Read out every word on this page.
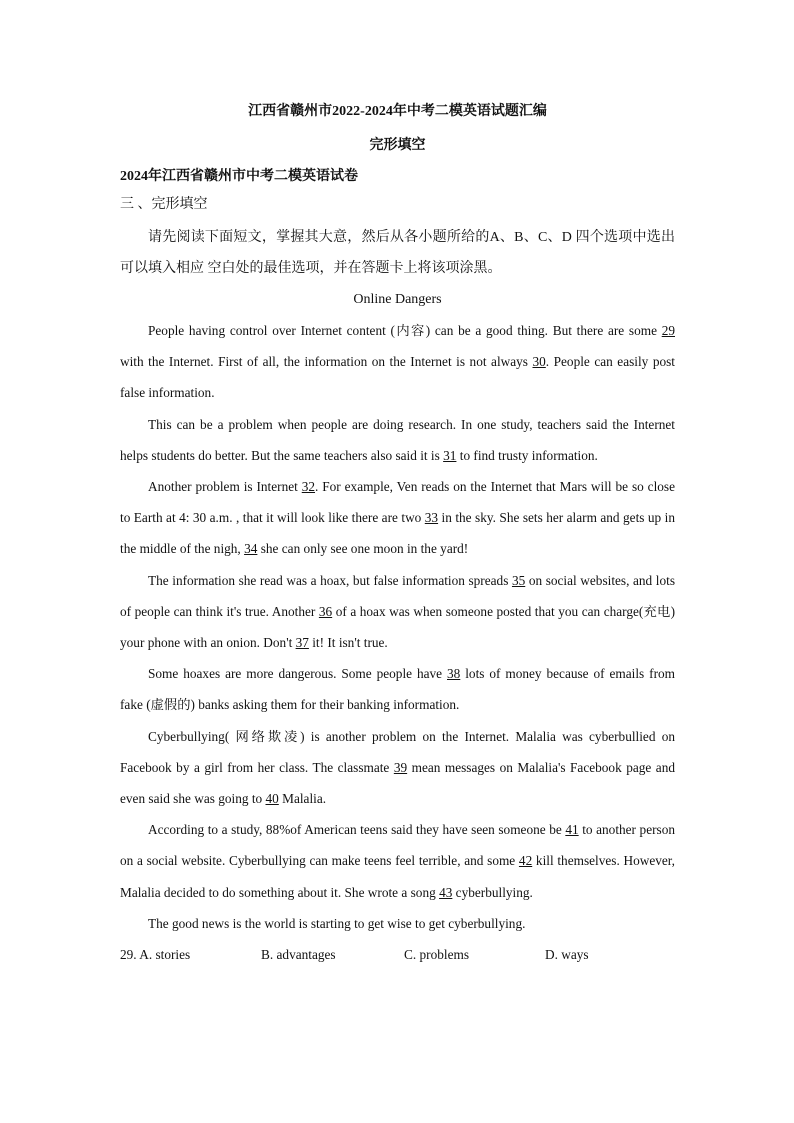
江西省赣州市2022-2024年中考二模英语试题汇编

完形填空

2024年江西省赣州市中考二模英语试卷

三 、完形填空

请先阅读下面短文，掌握其大意，然后从各小题所给的A、B、C、D 四个选项中选出可以填入相应 空白处的最佳选项，并在答题卡上将该项涂黑。

Online Dangers

People having control over Internet content (内容) can be a good thing. But there are some 29 with the Internet. First of all, the information on the Internet is not always 30. People can easily post false information.

This can be a problem when people are doing research. In one study, teachers said the Internet helps students do better. But the same teachers also said it is 31 to find trusty information.

Another problem is Internet 32. For example, Ven reads on the Internet that Mars will be so close to Earth at 4: 30 a.m. , that it will look like there are two 33 in the sky. She sets her alarm and gets up in the middle of the nigh, 34 she can only see one moon in the yard!

The information she read was a hoax, but false information spreads 35 on social websites, and lots of people can think it's true. Another 36 of a hoax was when someone posted that you can charge(充电) your phone with an onion. Don't 37 it! It isn't true.

Some hoaxes are more dangerous. Some people have 38 lots of money because of emails from fake (虚假的) banks asking them for their banking information.

Cyberbullying( 网络欺凌) is another problem on the Internet. Malalia was cyberbullied on Facebook by a girl from her class. The classmate 39 mean messages on Malalia's Facebook page and even said she was going to 40 Malalia.

According to a study, 88%of American teens said they have seen someone be 41 to another person on a social website. Cyberbullying can make teens feel terrible, and some 42 kill themselves. However, Malalia decided to do something about it. She wrote a song 43 cyberbullying.

The good news is the world is starting to get wise to get cyberbullying.

29. A. stories	B. advantages	C. problems	D. ways
